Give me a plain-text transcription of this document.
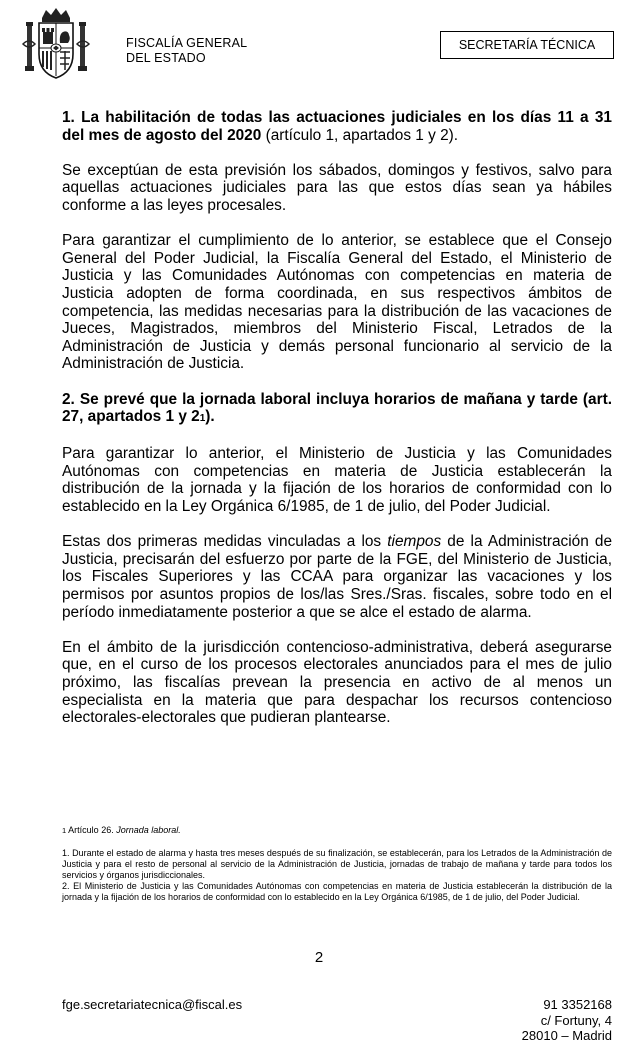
FISCALÍA GENERAL
DEL ESTADO
SECRETARÍA TÉCNICA

1. La habilitación de todas las actuaciones judiciales en los días 11 a 31 del mes de agosto del 2020 (artículo 1, apartados 1 y 2).

Se exceptúan de esta previsión los sábados, domingos y festivos, salvo para aquellas actuaciones judiciales para las que estos días sean ya hábiles conforme a las leyes procesales.

Para garantizar el cumplimiento de lo anterior, se establece que el Consejo General del Poder Judicial, la Fiscalía General del Estado, el Ministerio de Justicia y las Comunidades Autónomas con competencias en materia de Justicia adopten de forma coordinada, en sus respectivos ámbitos de competencia, las medidas necesarias para la distribución de las vacaciones de Jueces, Magistrados, miembros del Ministerio Fiscal, Letrados de la Administración de Justicia y demás personal funcionario al servicio de la Administración de Justicia.

2. Se prevé que la jornada laboral incluya horarios de mañana y tarde (art. 27, apartados 1 y 21).

Para garantizar lo anterior, el Ministerio de Justicia y las Comunidades Autónomas con competencias en materia de Justicia establecerán la distribución de la jornada y la fijación de los horarios de conformidad con lo establecido en la Ley Orgánica 6/1985, de 1 de julio, del Poder Judicial.

Estas dos primeras medidas vinculadas a los tiempos de la Administración de Justicia, precisarán del esfuerzo por parte de la FGE, del Ministerio de Justicia, los Fiscales Superiores y las CCAA para organizar las vacaciones y los permisos por asuntos propios de los/las Sres./Sras. fiscales, sobre todo en el período inmediatamente posterior a que se alce el estado de alarma.

En el ámbito de la jurisdicción contencioso-administrativa, deberá asegurarse que, en el curso de los procesos electorales anunciados para el mes de julio próximo, las fiscalías prevean la presencia en activo de al menos un especialista en la materia que para despachar los recursos contencioso electorales-electorales que pudieran plantearse.

1 Artículo 26. Jornada laboral.

1. Durante el estado de alarma y hasta tres meses después de su finalización, se establecerán, para los Letrados de la Administración de Justicia y para el resto de personal al servicio de la Administración de Justicia, jornadas de trabajo de mañana y tarde para todos los servicios y órganos jurisdiccionales.

2. El Ministerio de Justicia y las Comunidades Autónomas con competencias en materia de Justicia establecerán la distribución de la jornada y la fijación de los horarios de conformidad con lo establecido en la Ley Orgánica 6/1985, de 1 de julio, del Poder Judicial.

2
fge.secretariatecnica@fiscal.es	91 3352168
c/ Fortuny, 4
28010 – Madrid
